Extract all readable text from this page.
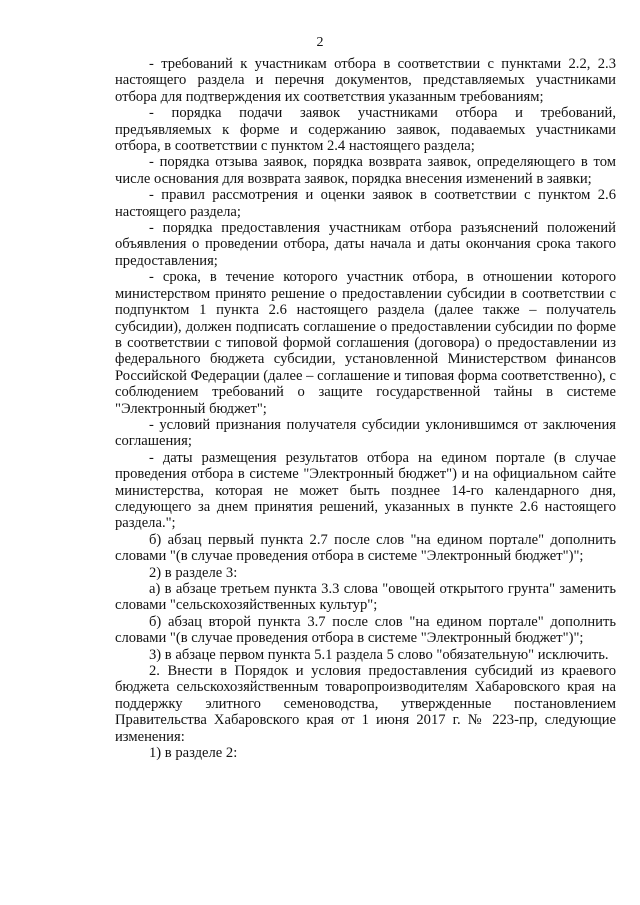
2

- требований к участникам отбора в соответствии с пунктами 2.2, 2.3 настоящего раздела и перечня документов, представляемых участниками отбора для подтверждения их соответствия указанным требованиям;

- порядка подачи заявок участниками отбора и требований, предъявляемых к форме и содержанию заявок, подаваемых участниками отбора, в соответствии с пунктом 2.4 настоящего раздела;

- порядка отзыва заявок, порядка возврата заявок, определяющего в том числе основания для возврата заявок, порядка внесения изменений в заявки;

- правил рассмотрения и оценки заявок в соответствии с пунктом 2.6 настоящего раздела;

- порядка предоставления участникам отбора разъяснений положений объявления о проведении отбора, даты начала и даты окончания срока такого предоставления;

- срока, в течение которого участник отбора, в отношении которого министерством принято решение о предоставлении субсидии в соответствии с подпунктом 1 пункта 2.6 настоящего раздела (далее также – получатель субсидии), должен подписать соглашение о предоставлении субсидии по форме в соответствии с типовой формой соглашения (договора) о предоставлении из федерального бюджета субсидии, установленной Министерством финансов Российской Федерации (далее – соглашение и типовая форма соответственно), с соблюдением требований о защите государственной тайны в системе "Электронный бюджет";

- условий признания получателя субсидии уклонившимся от заключения соглашения;

- даты размещения результатов отбора на едином портале (в случае проведения отбора в системе "Электронный бюджет") и на официальном сайте министерства, которая не может быть позднее 14-го календарного дня, следующего за днем принятия решений, указанных в пункте 2.6 настоящего раздела.";

б) абзац первый пункта 2.7 после слов "на едином портале" дополнить словами "(в случае проведения отбора в системе "Электронный бюджет")";

2) в разделе 3:

а) в абзаце третьем пункта 3.3 слова "овощей открытого грунта" заменить словами "сельскохозяйственных культур";

б) абзац второй пункта 3.7 после слов "на едином портале" дополнить словами "(в случае проведения отбора в системе "Электронный бюджет")";

3) в абзаце первом пункта 5.1 раздела 5 слово "обязательную" исключить.

2. Внести в Порядок и условия предоставления субсидий из краевого бюджета сельскохозяйственным товаропроизводителям Хабаровского края на поддержку элитного семеноводства, утвержденные постановлением Правительства Хабаровского края от 1 июня 2017 г. № 223-пр, следующие изменения:

1) в разделе 2:
